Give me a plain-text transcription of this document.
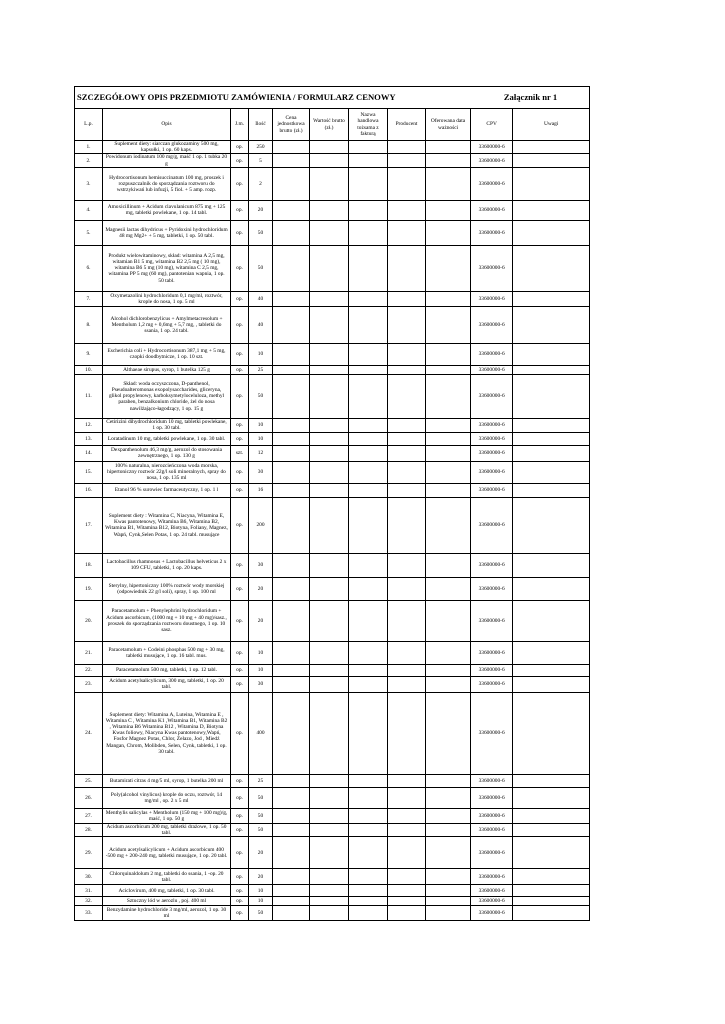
SZCZEGÓŁOWY OPIS PRZEDMIOTU ZAMÓWIENIA / FORMULARZ CENOWY									Załącznik nr 1	
L.p.	Opis	J.m.	Ilość	Cena jednostkowa brutto (zł.)	Wartość brutto (zł.)	Nazwa handlowa tożsama z fakturą	Producent	Oferowana data ważności	CPV	Uwagi
1.	Suplement diety: siarczan glukozaminy 500 mg, kapsułki, 1 op. 60 kaps.	op.	250						33600000-6	
2.	Powidonum iodinatum 100 mg/g, maść 1 op. 1 tubka 20 g	op.	5						33600000-6	
3.	Hydrocortisonum hemisuccinatum 100 mg, proszek i rozpuszczalnik do sporządzania roztworu do wstrzykiwań lub infuzji, 5 fiol. + 5 amp. rozp.	op.	2						33600000-6	
4.	Amoxicillinum + Acidum clavulanicum 875 mg + 125 mg, tabletki powlekane, 1 op. 14 tabl.	op.	20						33600000-6	
5.	Magnesii lactas dihydricus + Pyridoxini hydrochloridum 48 mg Mg2+ + 5 mg, tabletki, 1 op. 50 tabl.	op.	50						33600000-6	
6.	Produkt wielowitaminowy, skład: witamina A 2,5 mg, witamian B1 5 mg, witamina B2 2,5 mg ( 10 mg), witamina B6 5 mg (10 mg), witamina C 2,5 mg, witamina PP 5 mg (60 mg), pantotenian wapnia, 1 op. 50 tabl.	op.	50						33600000-6	
7.	Oxymetazolini hydrochloridum 0,1 mg/ml, roztwór, krople do nosa, 1 op. 5 ml	op.	40						33600000-6	
8.	Alcohol dichlorobenzylicus + Amylmetacresolum + Mentholum 1,2 mg + 0,6mg + 5,7 mg, , tabletki do ssania, 1 op. 24 tabl.	op.	40						33600000-6	
9.	Escherichia coli + Hydrocortisonum 387,1 mg + 5 mg, czopki doodbytnicze, 1 op. 10 szt.	op.	10						33600000-6	
10.	Althaeae sirupus, syrop, 1 butelka 125 g	op.	25						33600000-6	
11.	Skład: woda oczyszczona, D-panthenol, Pseudoalteromonas exopolysaccharides, gliceryna, glikol propylenowy, karboksymetyloceluloza, methyl paraben, benzalkonium chloride, żel do nosa nawilżająco-łagodzący, 1 op. 15 g	op.	50						33600000-6	
12.	Cetirizini dihydrochloridum 10 mg, tabletki powlekane, 1 op. 30 tabl.	op.	10						33600000-6	
13.	Loratadinum 10 mg, tabletki powlekane, 1 op. 30 tabl.	op.	10						33600000-6	
14.	Dexpanthenolum 46,3 mg/g, aerozol do stosowania zewnętrznego, 1 op. 130 g	szt.	12						33600000-6	
15.	100% naturalna, nierozcieńczona woda morska, hipertoniczny roztwór 22g/l soli mineralnych, spray do nosa, 1 op. 135 ml	op.	30						33600000-6	
16.	Etanol 96 % surowiec farmaceutyczny, 1 op. 1 l	op.	16						33600000-6	
17.	Suplement diety : Witamina C, Niacyna, Witamina E, Kwas pantotenowy, Witamina B6, Witamina B2, Witamina B1, Witamina B12, Biotyna, Foliany, Magnez, Wapń, Cynk,Selen Potas, 1 op. 24 tabl. musujące	op.	200						33600000-6	
18.	Lactobacillus rhamnosus + Lactobacillus helveticus 2 x 109 CFU, tabletki, 1 op. 20 kaps.	op.	30						33600000-6	
19.	Sterylny, hipertoniczny 100% roztwór wody morskiej (odpowiednik 22 g/l soli), spray, 1 op. 100 ml	op.	20						33600000-6	
20.	Paracetamolum + Phenylephrini hydrochloridum + Acidum ascorbicum, (1000 mg + 10 mg + 40 mg)/sasz., proszek do sporządzania roztworu doustnego, 1 op. 10 sasz.	op.	20						33600000-6	
21.	Paracetamolum + Codeini phosphas 500 mg + 30 mg, tabletki musujące, 1 op. 16 tabl. mus.	op.	10						33600000-6	
22.	Paracetamolum 500 mg, tabletki, 1 op. 12 tabl.	op.	10						33600000-6	
23.	Acidum acetylsalicylicum, 300 mg, tabletki, 1 op. 20 tabl.	op.	30						33600000-6	
24.	Suplement diety: Witamina A, Luteina, Witamina E , Witamina C , Witamina K1 ,Witamina B1, Witamina B2 , Witamina B6 Witamina B12 , Witamina D, Biotyna Kwas foliowy, Niacyna Kwas pantotenowy,Wapń, Fosfor Magnez Potas, Chlor, Żelazo, Jod , Miedź Mangan, Chrom, Molibden, Selen, Cynk, tabletki, 1 op. 30 tabl.	op.	400						33600000-6	
25.	Butamirati citras 4 mg/5 ml, syrop, 1 butelka 200 ml	op.	25						33600000-6	
26.	Poly(alcohol vinylicus) krople do oczu, roztwór, 14 mg/ml , op. 2 x 5 ml	op.	50						33600000-6	
27.	Menthylis salicylas + Mentholum (150 mg + 100 mg)/g, maść, 1 op. 50 g	op.	50						33600000-6	
28.	Acidum ascorbicum 200 mg, tabletki drażowe, 1 op. 50 tabl.	op.	50						33600000-6	
29.	Acidum acetylsalicylicum + Acidum ascorbicum 400 -500 mg + 200-240 mg, tabletki musujące, 1 op. 20 tabl.	op.	20						33600000-6	
30.	Chlorquinaldolum 2 mg, tabletki do ssania, 1 -op. 20 tabl.	op.	20						33600000-6	
31.	Aciclovirum, 400 mg, tabletki, 1 op. 30 tabl.	op.	10						33600000-6	
32.	Sztuczny lód w aerozlu , poj. 400 ml	op.	10						33600000-6	
33.	Benzydamine hydrochloride 3 mg/ml, aerozol, 1 op. 30 ml	op.	50						33600000-6	
